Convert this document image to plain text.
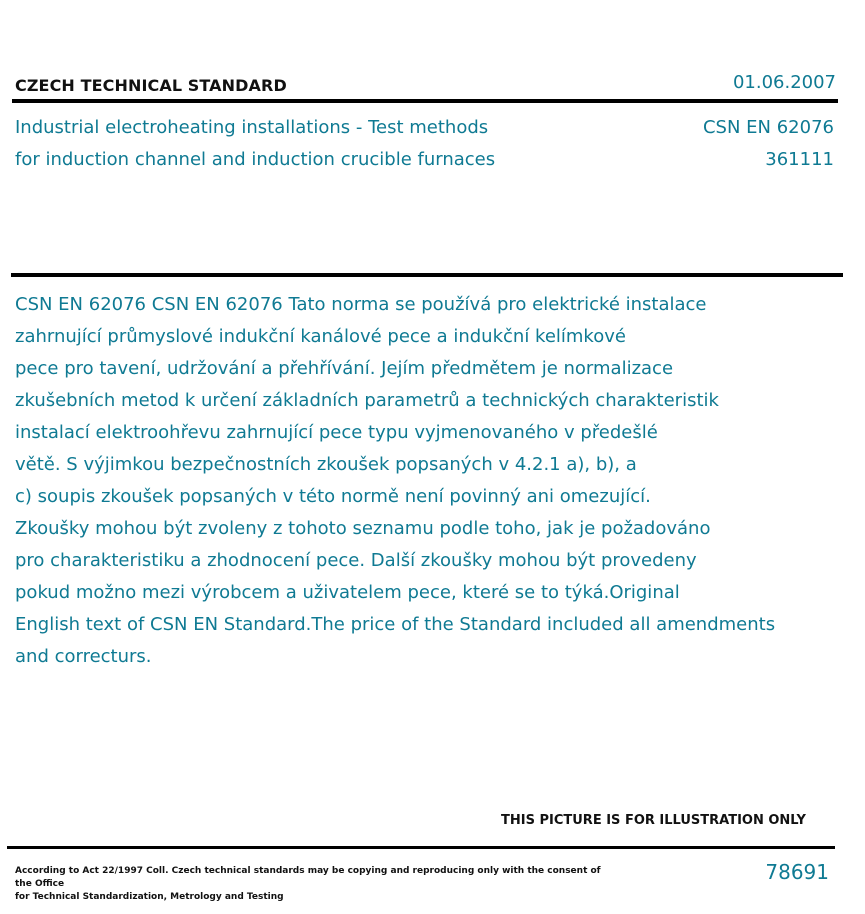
CZECH TECHNICAL STANDARD	01.06.2007
Industrial electroheating installations - Test methods
for induction channel and induction crucible furnaces
CSN EN 62076
361111
CSN EN 62076 CSN EN 62076 Tato norma se používá pro elektrické instalace
zahrnující průmyslové indukční kanálové pece a indukční kelímkové
pece pro tavení, udržování a přehřívání. Jejím předmětem je normalizace
zkušebních metod k určení základních parametrů a technických charakteristik
instalací elektroohřevu zahrnující pece typu vyjmenovaného v předešlé
větě. S výjimkou bezpečnostních zkoušek popsaných v 4.2.1 a), b), a
c) soupis zkoušek popsaných v této normě není povinný ani omezující.
Zkoušky mohou být zvoleny z tohoto seznamu podle toho, jak je požadováno
pro charakteristiku a zhodnocení pece. Další zkoušky mohou být provedeny
pokud možno mezi výrobcem a uživatelem pece, které se to týká.Original
English text of CSN EN Standard.The price of the Standard included all amendments
and correcturs.
THIS PICTURE IS FOR ILLUSTRATION ONLY
According to Act 22/1997 Coll. Czech technical standards may be copying and reproducing only with the consent of the Office
for Technical Standardization, Metrology and Testing
78691
